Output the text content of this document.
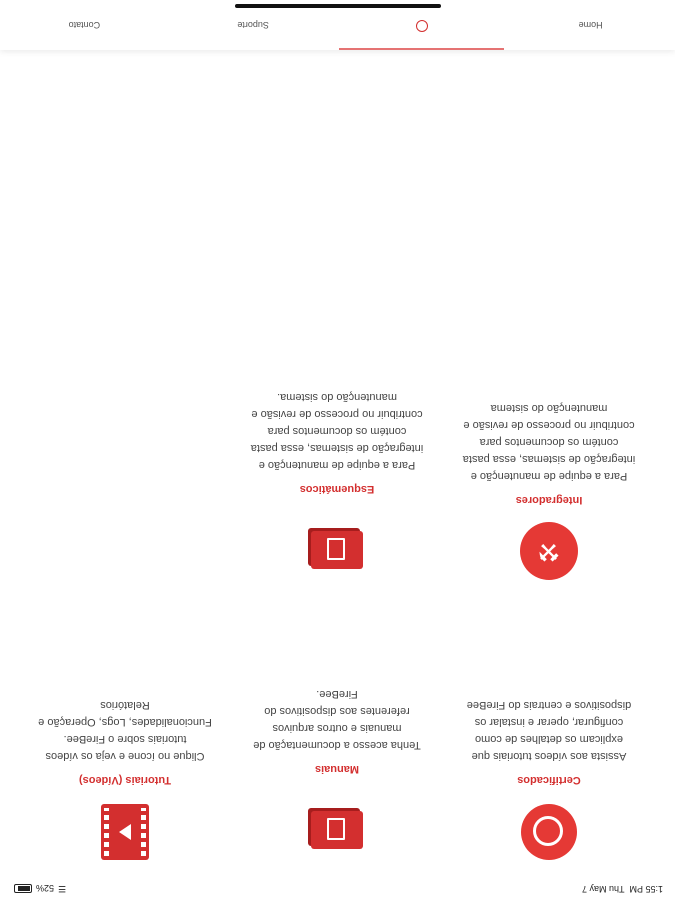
1:55 PM  Thu May 7
☰
52%
Certificados
Assista aos vídeos tutoriais que explicam os detalhes de como configurar, operar e instalar os dispositivos e centrais do FireBee
Manuais
Tenha acesso a documentação de manuais e outros arquivos referentes aos dispositivos do FireBee.
Tutoriais (Vídeos)
Clique no ícone e veja os vídeos tutoriais sobre o FireBee. Funcionalidades, Logs, Operação e Relatórios
⚒
Integradores
Para a equipe de manutenção e integração de sistemas, essa pasta contém os documentos para contribuir no processo de revisão e manutenção do sistema
Esquemáticos
Para a equipe de manutenção e integração de sistemas, essa pasta contém os documentos para contribuir no processo de revisão e manutenção do sistema.
Home
Suporte
Contato
